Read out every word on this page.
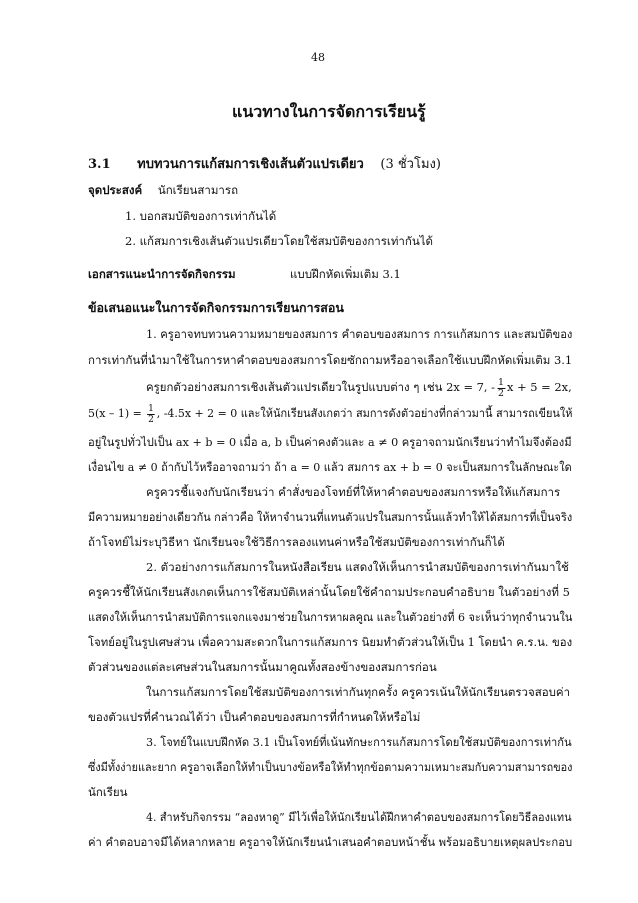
48
แนวทางในการจัดการเรียนรู้
3.1 ทบทวนการแก้สมการเชิงเส้นตัวแปรเดียว (3 ชั่วโมง)
จุดประสงค์ นักเรียนสามารถ
1. บอกสมบัติของการเท่ากันได้
2. แก้สมการเชิงเส้นตัวแปรเดียวโดยใช้สมบัติของการเท่ากันได้
เอกสารแนะนำการจัดกิจกรรม	แบบฝึกหัดเพิ่มเติม 3.1
ข้อเสนอแนะในการจัดกิจกรรมการเรียนการสอน
1. ครูอาจทบทวนความหมายของสมการ คำตอบของสมการ การแก้สมการ และสมบัติของ
การเท่ากันที่นำมาใช้ในการหาคำตอบของสมการโดยซักถามหรืออาจเลือกใช้แบบฝึกหัดเพิ่มเติม 3.1
ครูยกตัวอย่างสมการเชิงเส้นตัวแปรเดียวในรูปแบบต่าง ๆ เช่น 2x = 7, - $\frac{1}{2}$ x + 5 = 2x,
$5(x - 1) = \frac{1}{2}$ , -4.5x + 2 = 0 และให้นักเรียนสังเกตว่า สมการดังตัวอย่างที่กล่าวมานี้ สามารถเขียนให้
อยู่ในรูปทั่วไปเป็น ax + b = 0 เมื่อ a, b เป็นค่าคงตัวและ a ≠ 0 ครูอาจถามนักเรียนว่าทำไมจึงต้องมี
เงื่อนไข a ≠ 0 ถ้ากับไว้หรืออาจถามว่า ถ้า a = 0 แล้ว สมการ ax + b = 0 จะเป็นสมการในลักษณะใด
ครูควรชี้แจงกับนักเรียนว่า คำสั่งของโจทย์ที่ให้หาคำตอบของสมการหรือให้แก้สมการ
มีความหมายอย่างเดียวกัน กล่าวคือ ให้หาจำนวนที่แทนตัวแปรในสมการนั้นแล้วทำให้ได้สมการที่เป็นจริง
ถ้าโจทย์ไม่ระบุวิธีหา นักเรียนจะใช้วิธีการลองแทนค่าหรือใช้สมบัติของการเท่ากันก็ได้
2. ตัวอย่างการแก้สมการในหนังสือเรียน แสดงให้เห็นการนำสมบัติของการเท่ากันมาใช้
ครูควรชี้ให้นักเรียนสังเกตเห็นการใช้สมบัติเหล่านั้นโดยใช้คำถามประกอบคำอธิบาย ในตัวอย่างที่ 5
แสดงให้เห็นการนำสมบัติการแจกแจงมาช่วยในการหาผลคูณ และในตัวอย่างที่ 6 จะเห็นว่าทุกจำนวนใน
โจทย์อยู่ในรูปเศษส่วน เพื่อความสะดวกในการแก้สมการ นิยมทำตัวส่วนให้เป็น 1 โดยนำ ค.ร.น. ของ
ตัวส่วนของแต่ละเศษส่วนในสมการนั้นมาคูณทั้งสองข้างของสมการก่อน
ในการแก้สมการโดยใช้สมบัติของการเท่ากันทุกครั้ง ครูควรเน้นให้นักเรียนตรวจสอบค่า
ของตัวแปรที่คำนวณได้ว่า เป็นคำตอบของสมการที่กำหนดให้หรือไม่
3. โจทย์ในแบบฝึกหัด 3.1 เป็นโจทย์ที่เน้นทักษะการแก้สมการโดยใช้สมบัติของการเท่ากัน
ซึ่งมีทั้งง่ายและยาก ครูอาจเลือกให้ทำเป็นบางข้อหรือให้ทำทุกข้อตามความเหมาะสมกับความสามารถของ
นักเรียน
4. สำหรับกิจกรรม “ลองหาดู” มีไว้เพื่อให้นักเรียนได้ฝึกหาคำตอบของสมการโดยวิธีลองแทน
ค่า คำตอบอาจมีได้หลากหลาย ครูอาจให้นักเรียนนำเสนอคำตอบหน้าชั้น พร้อมอธิบายเหตุผลประกอบ
